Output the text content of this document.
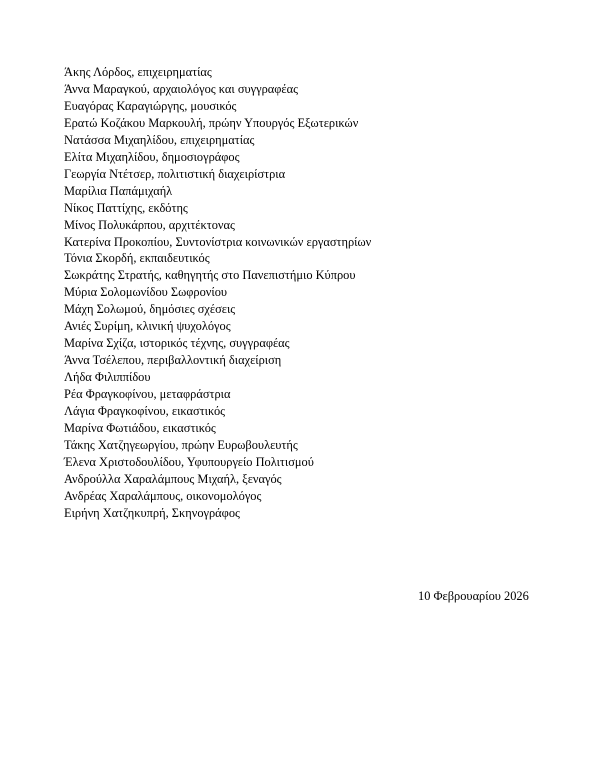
Άκης Λόρδος, επιχειρηματίας
Άννα Μαραγκού, αρχαιολόγος και συγγραφέας
Ευαγόρας Καραγιώργης, μουσικός
Ερατώ Κοζάκου Μαρκουλή, πρώην Υπουργός Εξωτερικών
Νατάσσα Μιχαηλίδου, επιχειρηματίας
Ελίτα Μιχαηλίδου, δημοσιογράφος
Γεωργία Ντέτσερ, πολιτιστική διαχειρίστρια
Μαρίλια Παπάμιχαήλ
Νίκος Παττίχης, εκδότης
Μίνος Πολυκάρπου, αρχιτέκτονας
Κατερίνα Προκοπίου, Συντονίστρια κοινωνικών εργαστηρίων
Τόνια Σκορδή, εκπαιδευτικός
Σωκράτης Στρατής, καθηγητής στο Πανεπιστήμιο Κύπρου
Μύρια Σολομωνίδου Σωφρονίου
Μάχη Σολωμού, δημόσιες σχέσεις
Ανιές Συρίμη, κλινική ψυχολόγος
Μαρίνα Σχίζα, ιστορικός τέχνης, συγγραφέας
Άννα Τσέλεπου, περιβαλλοντική διαχείριση
Λήδα Φιλιππίδου
Ρέα Φραγκοφίνου, μεταφράστρια
Λάγια Φραγκοφίνου, εικαστικός
Μαρίνα Φωτιάδου, εικαστικός
Τάκης Χατζηγεωργίου, πρώην Ευρωβουλευτής
Έλενα Χριστοδουλίδου, Υφυπουργείο Πολιτισμού
Ανδρούλλα Χαραλάμπους Μιχαήλ, ξεναγός
Ανδρέας Χαραλάμπους, οικονομολόγος
Ειρήνη Χατζηκυπρή, Σκηνογράφος

10 Φεβρουαρίου 2026
